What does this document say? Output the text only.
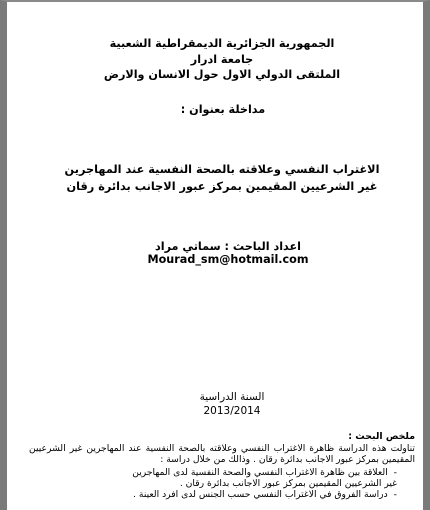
الجمهورية الجزائرية الديمقراطية الشعبية
جامعة ادرار
الملتقى الدولي الاول حول الانسان والارض
مداخلة بعنوان :
الاغتراب النفسي وعلاقته بالصحة النفسية عند المهاجرين
غير الشرعيين المقيمين بمركز عبور الاجانب بدائرة رقان
اعداد الباحث : سماتي مراد
Mourad_sm@hotmail.com
السنة الدراسية
2013/2014
ملخص البحث :
تناولت هذه الدراسة ظاهرة الاغتراب النفسي وعلاقته بالصحة النفسية عند المهاجرين غير الشرعيين المقيمين بمركز عبور الاجانب بدائرة رقان . وذالك من خلال دراسة :
-العلاقة بين ظاهرة الاغتراب النفسي والصحة النفسية لدى المهاجرين
غير الشرعيين المقيمين بمركز عبور الاجانب بدائرة رقان .
-دراسة الفروق في الاغتراب النفسي حسب الجنس لدى افرد العينة .
